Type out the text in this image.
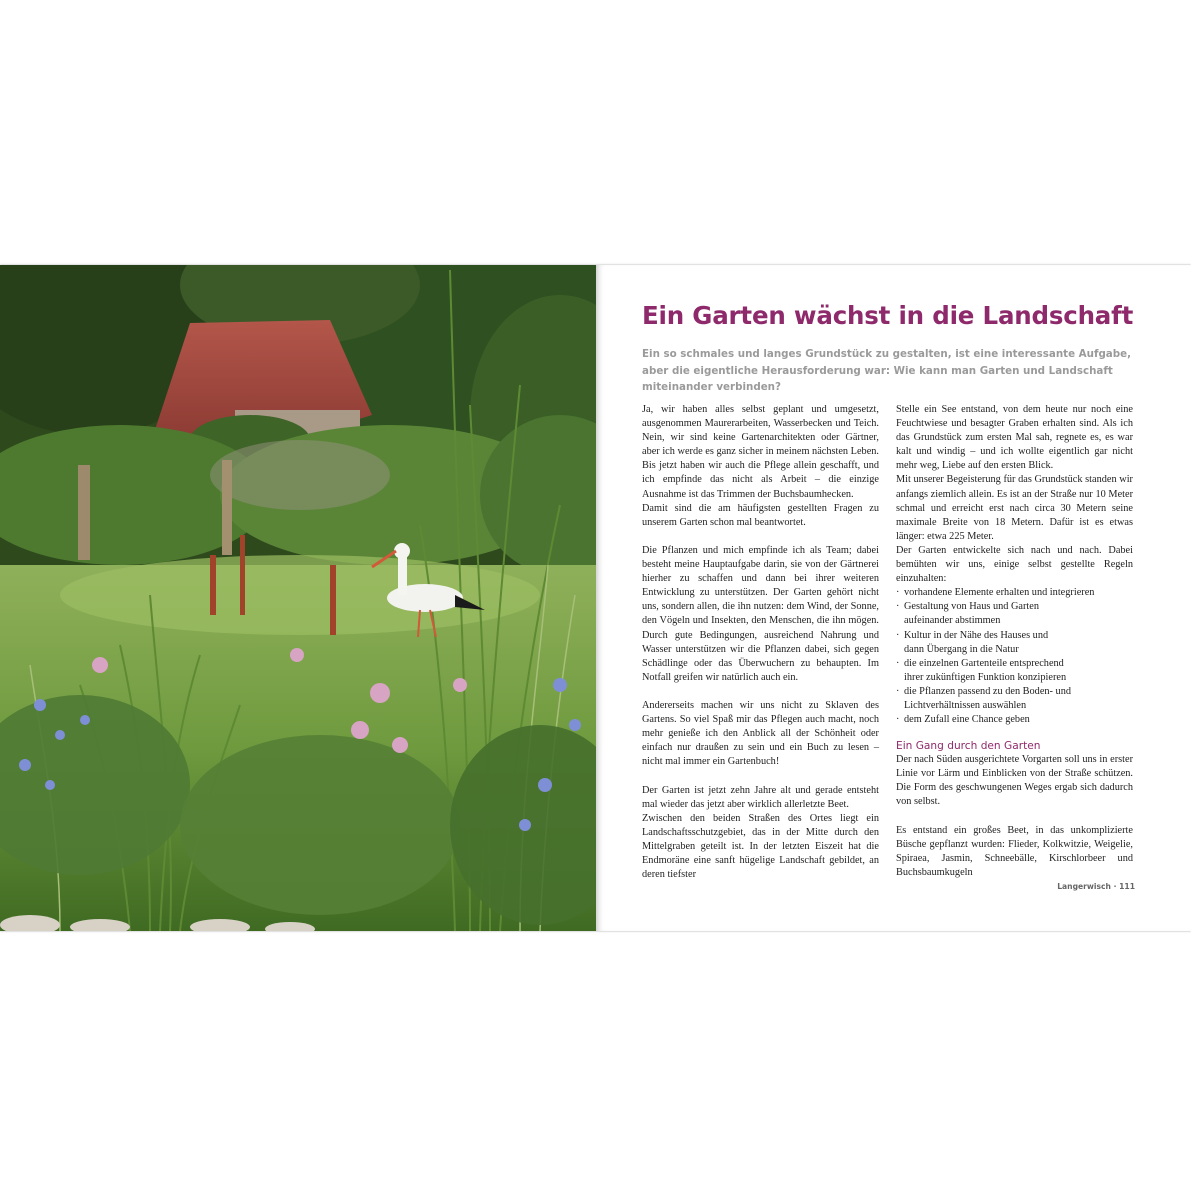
Ein Garten wächst in die Landschaft

Ein so schmales und langes Grundstück zu gestalten, ist eine interessante Aufgabe, aber die eigentliche Herausforderung war: Wie kann man Garten und Landschaft miteinander verbinden?

Ja, wir haben alles selbst geplant und umgesetzt, ausgenommen Maurerarbeiten, Wasserbecken und Teich. Nein, wir sind keine Gartenarchitekten oder Gärtner, aber ich werde es ganz sicher in meinem nächsten Leben. Bis jetzt haben wir auch die Pflege allein geschafft, und ich empfinde das nicht als Arbeit – die einzige Ausnahme ist das Trimmen der Buchsbaumhecken.

Damit sind die am häufigsten gestellten Fragen zu unserem Garten schon mal beantwortet.

Die Pflanzen und mich empfinde ich als Team; dabei besteht meine Hauptaufgabe darin, sie von der Gärtnerei hierher zu schaffen und dann bei ihrer weiteren Entwicklung zu unterstützen. Der Garten gehört nicht uns, sondern allen, die ihn nutzen: dem Wind, der Sonne, den Vögeln und Insekten, den Menschen, die ihn mögen. Durch gute Bedingungen, ausreichend Nahrung und Wasser unterstützen wir die Pflanzen dabei, sich gegen Schädlinge oder das Überwuchern zu behaupten. Im Notfall greifen wir natürlich auch ein.

Andererseits machen wir uns nicht zu Sklaven des Gartens. So viel Spaß mir das Pflegen auch macht, noch mehr genieße ich den Anblick all der Schönheit oder einfach nur draußen zu sein und ein Buch zu lesen – nicht mal immer ein Gartenbuch!

Der Garten ist jetzt zehn Jahre alt und gerade entsteht mal wieder das jetzt aber wirklich allerletzte Beet.

Zwischen den beiden Straßen des Ortes liegt ein Landschaftsschutzgebiet, das in der Mitte durch den Mittelgraben geteilt ist. In der letzten Eiszeit hat die Endmoräne eine sanft hügelige Landschaft gebildet, an deren tiefster

Stelle ein See entstand, von dem heute nur noch eine Feuchtwiese und besagter Graben erhalten sind. Als ich das Grundstück zum ersten Mal sah, regnete es, es war kalt und windig – und ich wollte eigentlich gar nicht mehr weg, Liebe auf den ersten Blick.

Mit unserer Begeisterung für das Grundstück standen wir anfangs ziemlich allein. Es ist an der Straße nur 10 Meter schmal und erreicht erst nach circa 30 Metern seine maximale Breite von 18 Metern. Dafür ist es etwas länger: etwa 225 Meter.

Der Garten entwickelte sich nach und nach. Dabei bemühten wir uns, einige selbst gestellte Regeln einzuhalten:

· vorhandene Elemente erhalten und integrieren
· Gestaltung von Haus und Garten
aufeinander abstimmen
· Kultur in der Nähe des Hauses und
dann Übergang in die Natur
· die einzelnen Gartenteile entsprechend
ihrer zukünftigen Funktion konzipieren
· die Pflanzen passend zu den Boden- und
Lichtverhältnissen auswählen
· dem Zufall eine Chance geben
Ein Gang durch den Garten

Der nach Süden ausgerichtete Vorgarten soll uns in erster Linie vor Lärm und Einblicken von der Straße schützen. Die Form des geschwungenen Weges ergab sich dadurch von selbst.

Es entstand ein großes Beet, in das unkomplizierte Büsche gepflanzt wurden: Flieder, Kolkwitzie, Weigelie, Spiraea, Jasmin, Schneebälle, Kirschlorbeer und Buchsbaumkugeln

Langerwisch · 111
